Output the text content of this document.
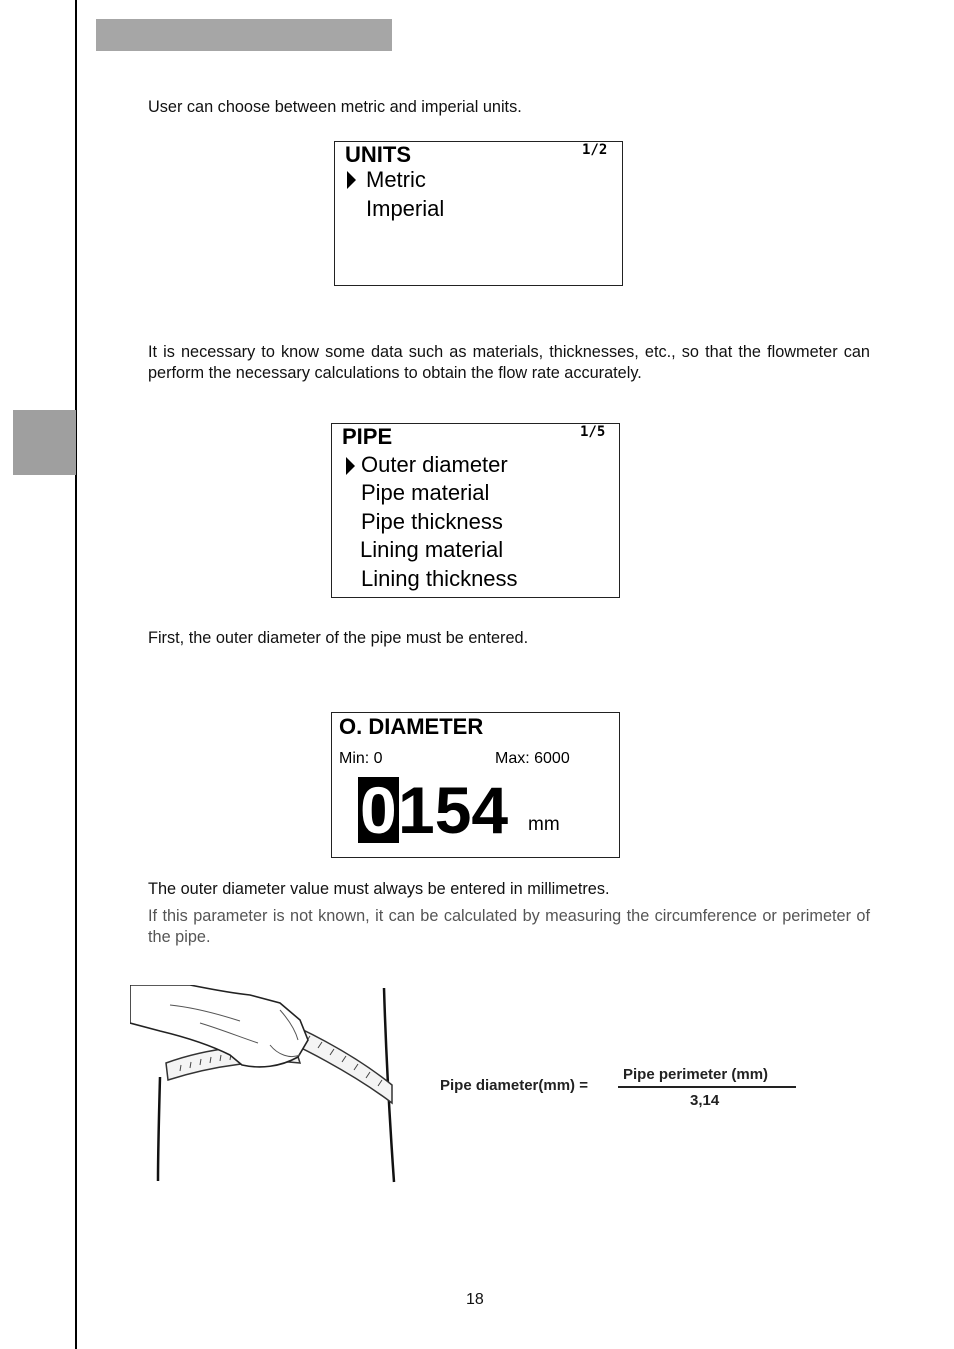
User can choose between metric and imperial units.
UNITS	1/2
Metric
Imperial
It is necessary to know some data such as materials, thicknesses, etc., so that the flowmeter can perform the necessary calculations to obtain the flow rate accurately.
PIPE	1/5
Outer diameter
Pipe material
Pipe thickness
Lining material
Lining thickness
First, the outer diameter of the pipe must be entered.
O. DIAMETER
Min: 0	Max: 6000
0 154 mm
The outer diameter value must always be entered in millimetres.
If this parameter is not known, it can be calculated by measuring the circumference or perimeter of the pipe.
Pipe diameter(mm) =
Pipe perimeter (mm)
3,14
18
